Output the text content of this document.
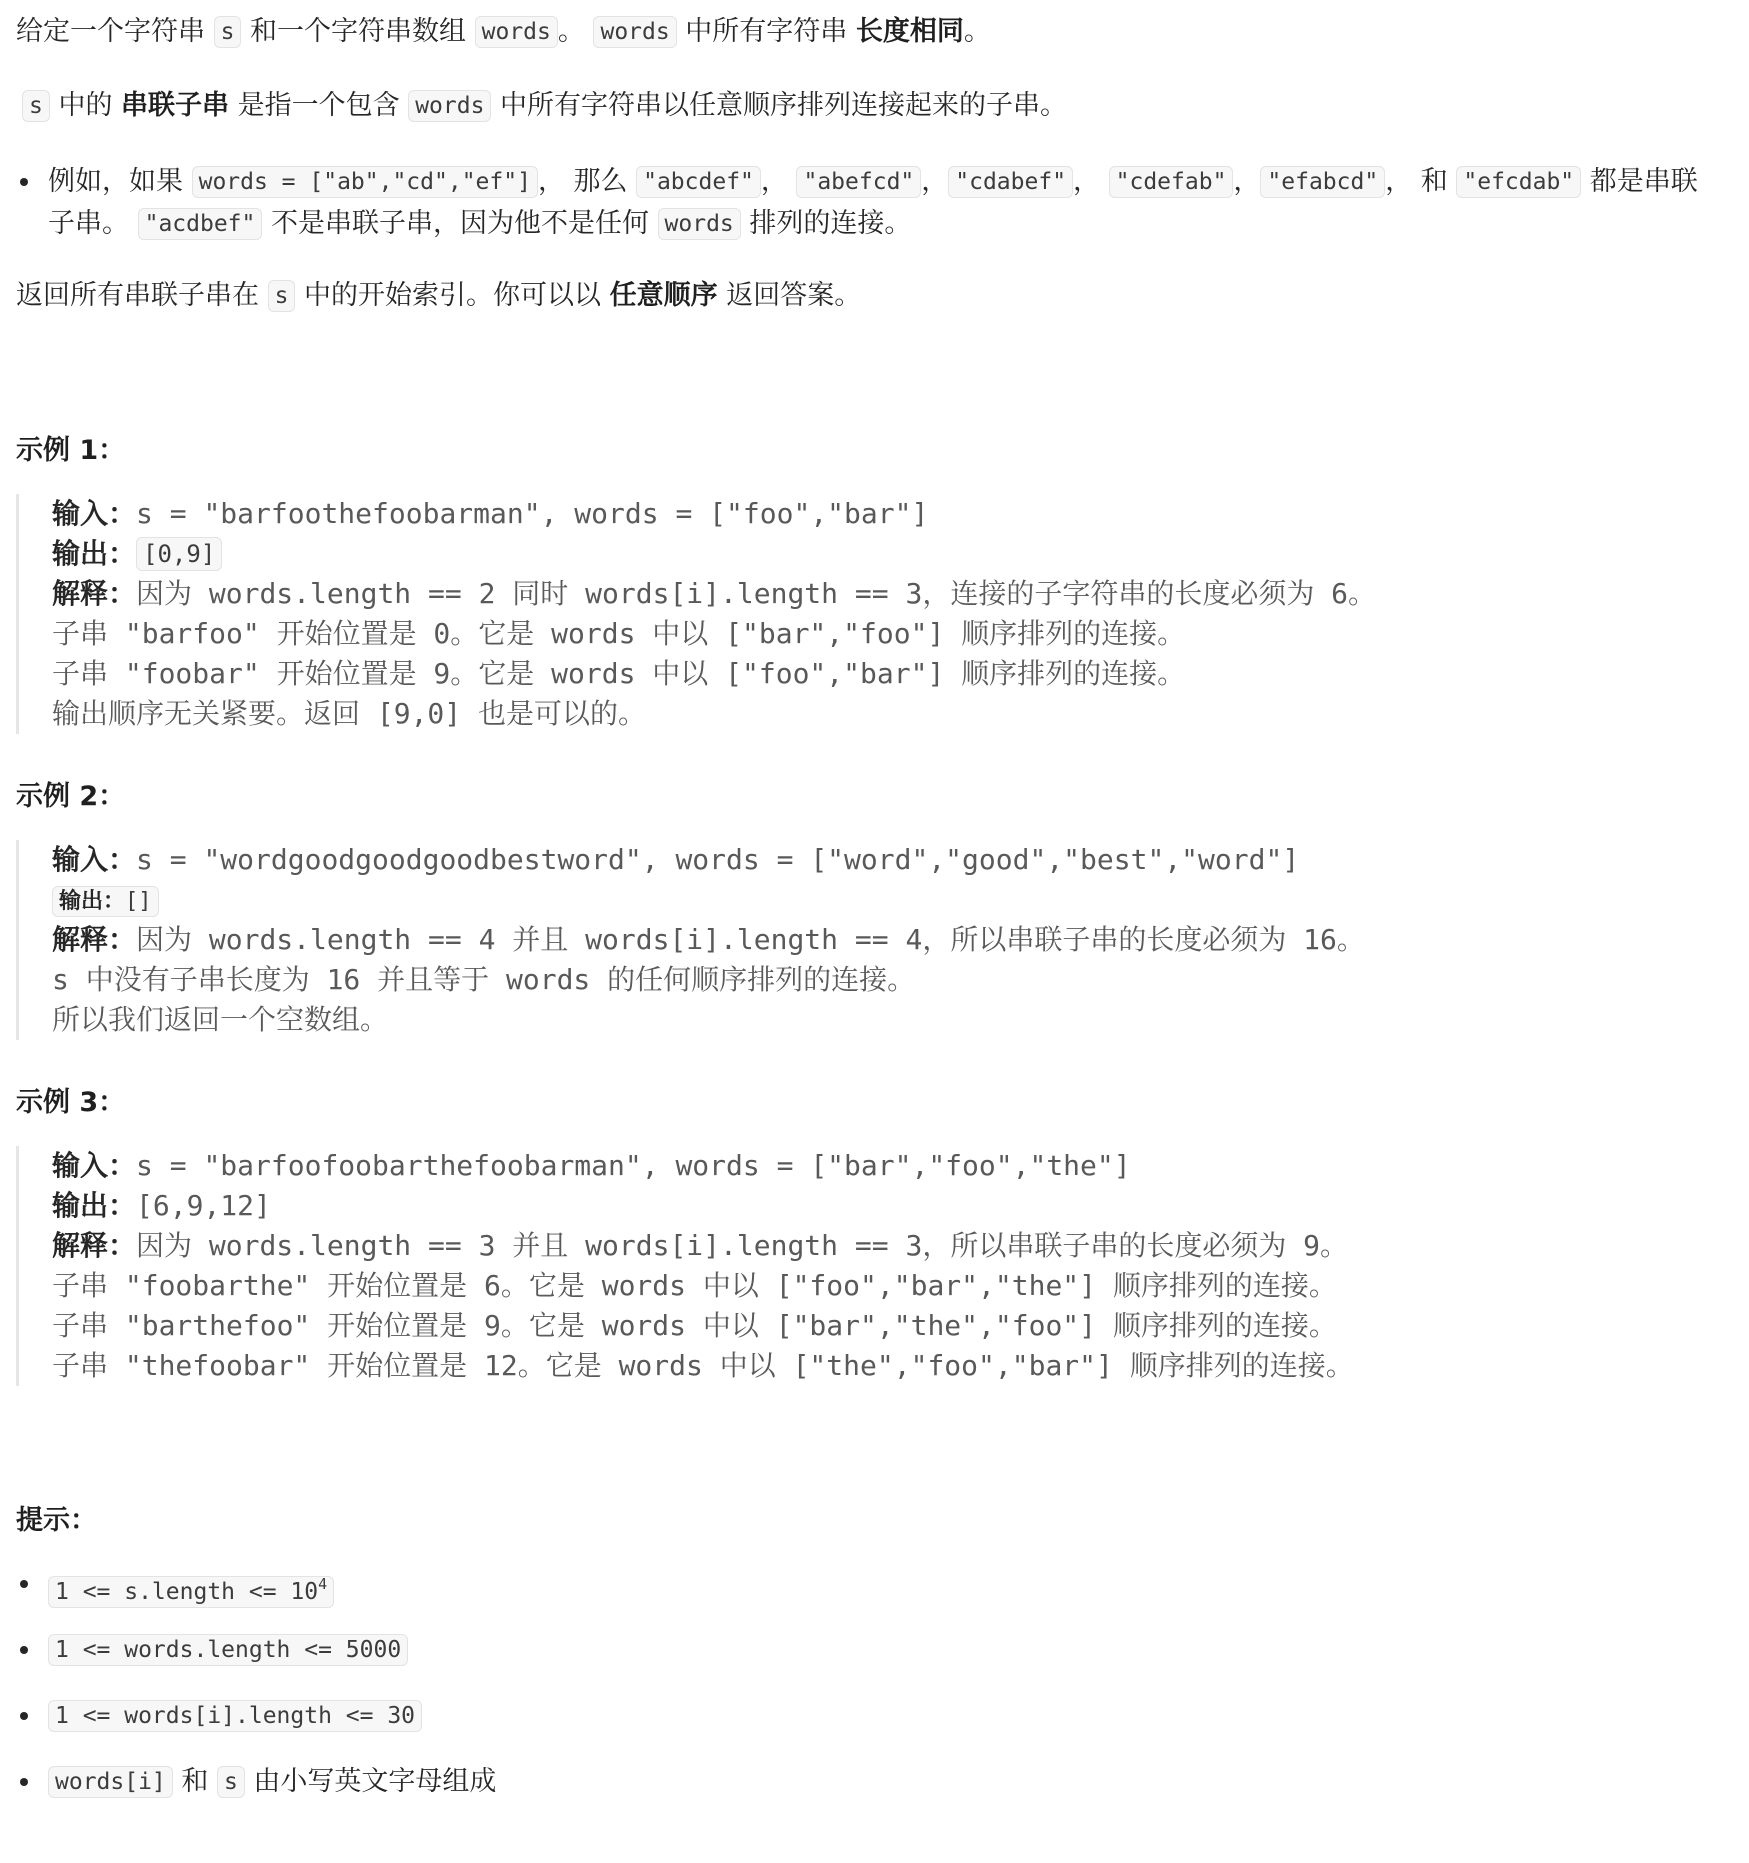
给定一个字符串 s 和一个字符串数组 words 。 words 中所有字符串 长度相同。
s 中的 串联子串 是指一个包含 words 中所有字符串以任意顺序排列连接起来的子串。
例如，如果 words = ["ab","cd","ef"] ， 那么 "abcdef" ， "abefcd" ， "cdabef" ， "cdefab" ， "efabcd" ， 和 "efcdab" 都是串联
子串。 "acdbef" 不是串联子串，因为他不是任何 words 排列的连接。
返回所有串联子串在 s 中的开始索引。你可以以 任意顺序 返回答案。
示例 1：
输入：s = "barfoothefoobarman", words = ["foo","bar"]
输出： [0,9]
解释：因为 words.length == 2 同时 words[i].length == 3，连接的子字符串的长度必须为 6。
子串 "barfoo" 开始位置是 0。它是 words 中以 ["bar","foo"] 顺序排列的连接。
子串 "foobar" 开始位置是 9。它是 words 中以 ["foo","bar"] 顺序排列的连接。
输出顺序无关紧要。返回 [9,0] 也是可以的。
示例 2：
输入：s = "wordgoodgoodgoodbestword", words = ["word","good","best","word"]
输出：[]
解释：因为 words.length == 4 并且 words[i].length == 4，所以串联子串的长度必须为 16。
s 中没有子串长度为 16 并且等于 words 的任何顺序排列的连接。
所以我们返回一个空数组。
示例 3：
输入：s = "barfoofoobarthefoobarman", words = ["bar","foo","the"]
输出：[6,9,12]
解释：因为 words.length == 3 并且 words[i].length == 3，所以串联子串的长度必须为 9。
子串 "foobarthe" 开始位置是 6。它是 words 中以 ["foo","bar","the"] 顺序排列的连接。
子串 "barthefoo" 开始位置是 9。它是 words 中以 ["bar","the","foo"] 顺序排列的连接。
子串 "thefoobar" 开始位置是 12。它是 words 中以 ["the","foo","bar"] 顺序排列的连接。
提示：
1 <= s.length <= $10^4$
1 <= words.length <= 5000
1 <= words[i].length <= 30
words[i] 和 s 由小写英文字母组成
